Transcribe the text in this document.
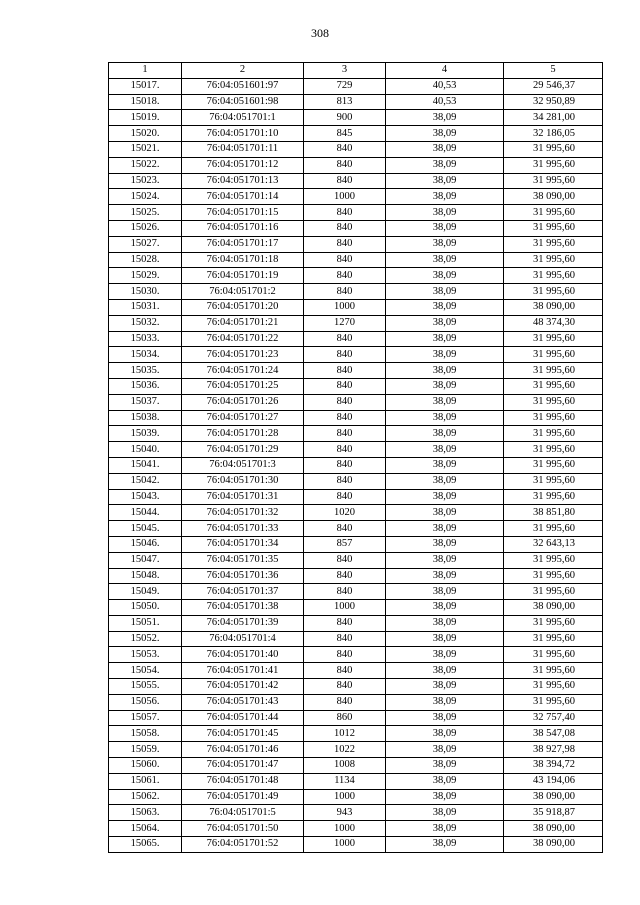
308
1	2	3	4	5
15017.	76:04:051601:97	729	40,53	29 546,37
15018.	76:04:051601:98	813	40,53	32 950,89
15019.	76:04:051701:1	900	38,09	34 281,00
15020.	76:04:051701:10	845	38,09	32 186,05
15021.	76:04:051701:11	840	38,09	31 995,60
15022.	76:04:051701:12	840	38,09	31 995,60
15023.	76:04:051701:13	840	38,09	31 995,60
15024.	76:04:051701:14	1000	38,09	38 090,00
15025.	76:04:051701:15	840	38,09	31 995,60
15026.	76:04:051701:16	840	38,09	31 995,60
15027.	76:04:051701:17	840	38,09	31 995,60
15028.	76:04:051701:18	840	38,09	31 995,60
15029.	76:04:051701:19	840	38,09	31 995,60
15030.	76:04:051701:2	840	38,09	31 995,60
15031.	76:04:051701:20	1000	38,09	38 090,00
15032.	76:04:051701:21	1270	38,09	48 374,30
15033.	76:04:051701:22	840	38,09	31 995,60
15034.	76:04:051701:23	840	38,09	31 995,60
15035.	76:04:051701:24	840	38,09	31 995,60
15036.	76:04:051701:25	840	38,09	31 995,60
15037.	76:04:051701:26	840	38,09	31 995,60
15038.	76:04:051701:27	840	38,09	31 995,60
15039.	76:04:051701:28	840	38,09	31 995,60
15040.	76:04:051701:29	840	38,09	31 995,60
15041.	76:04:051701:3	840	38,09	31 995,60
15042.	76:04:051701:30	840	38,09	31 995,60
15043.	76:04:051701:31	840	38,09	31 995,60
15044.	76:04:051701:32	1020	38,09	38 851,80
15045.	76:04:051701:33	840	38,09	31 995,60
15046.	76:04:051701:34	857	38,09	32 643,13
15047.	76:04:051701:35	840	38,09	31 995,60
15048.	76:04:051701:36	840	38,09	31 995,60
15049.	76:04:051701:37	840	38,09	31 995,60
15050.	76:04:051701:38	1000	38,09	38 090,00
15051.	76:04:051701:39	840	38,09	31 995,60
15052.	76:04:051701:4	840	38,09	31 995,60
15053.	76:04:051701:40	840	38,09	31 995,60
15054.	76:04:051701:41	840	38,09	31 995,60
15055.	76:04:051701:42	840	38,09	31 995,60
15056.	76:04:051701:43	840	38,09	31 995,60
15057.	76:04:051701:44	860	38,09	32 757,40
15058.	76:04:051701:45	1012	38,09	38 547,08
15059.	76:04:051701:46	1022	38,09	38 927,98
15060.	76:04:051701:47	1008	38,09	38 394,72
15061.	76:04:051701:48	1134	38,09	43 194,06
15062.	76:04:051701:49	1000	38,09	38 090,00
15063.	76:04:051701:5	943	38,09	35 918,87
15064.	76:04:051701:50	1000	38,09	38 090,00
15065.	76:04:051701:52	1000	38,09	38 090,00
